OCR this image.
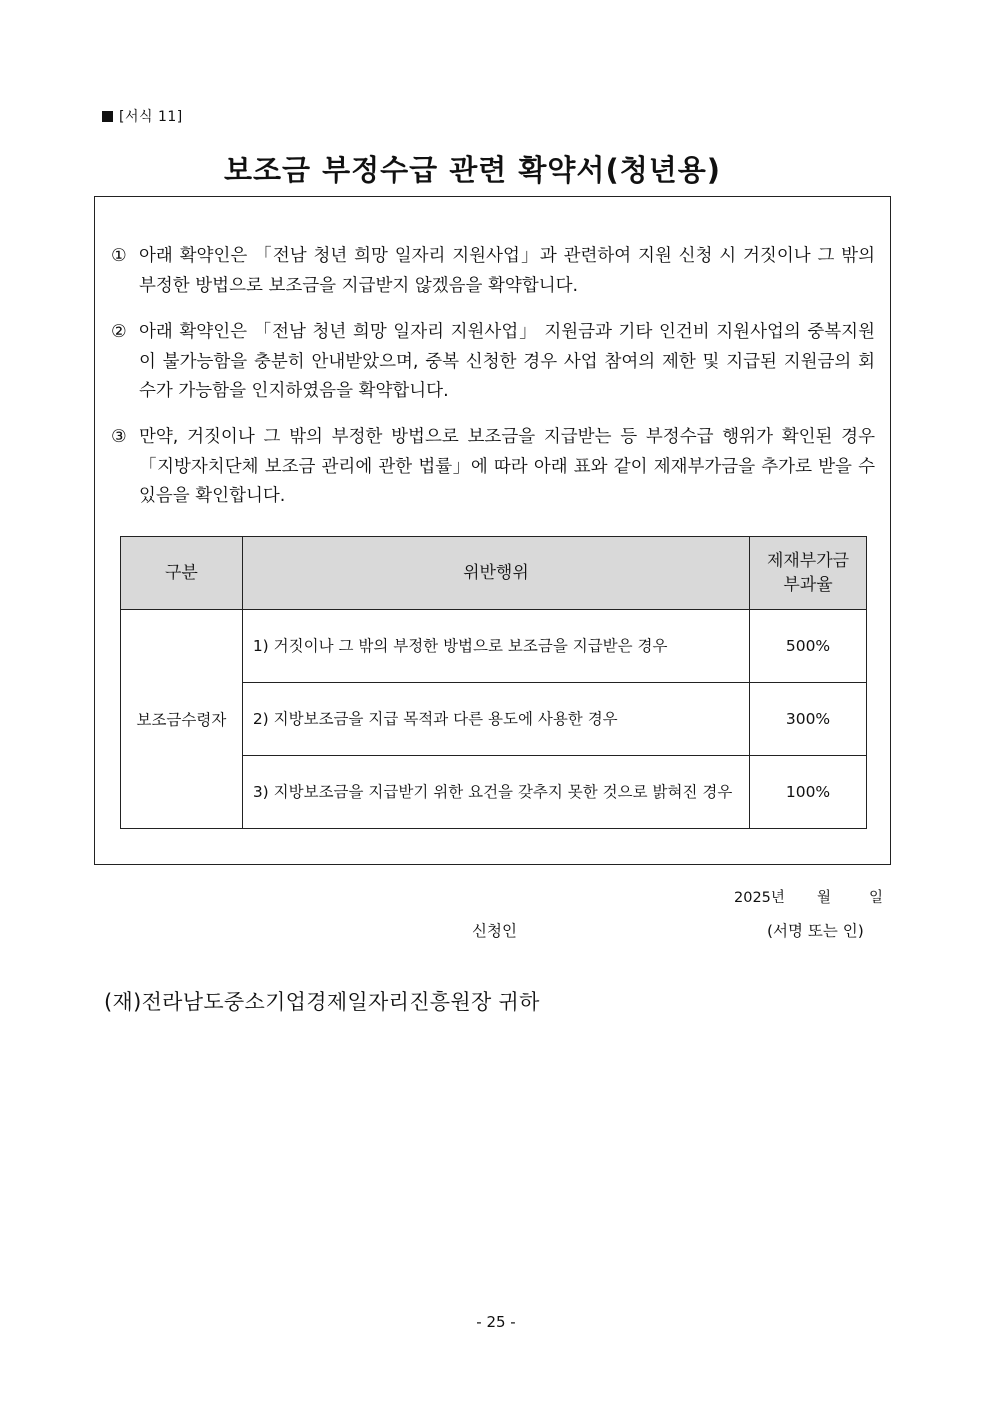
[서식 11]
보조금 부정수급 관련 확약서(청년용)
① 아래 확약인은 「전남 청년 희망 일자리 지원사업」과 관련하여 지원 신청 시 거짓이나 그 밖의 부정한 방법으로 보조금을 지급받지 않겠음을 확약합니다.
② 아래 확약인은 「전남 청년 희망 일자리 지원사업」 지원금과 기타 인건비 지원사업의 중복지원이 불가능함을 충분히 안내받았으며, 중복 신청한 경우 사업 참여의 제한 및 지급된 지원금의 회수가 가능함을 인지하였음을 확약합니다.
③ 만약, 거짓이나 그 밖의 부정한 방법으로 보조금을 지급받는 등 부정수급 행위가 확인된 경우 「지방자치단체 보조금 관리에 관한 법률」에 따라 아래 표와 같이 제재부가금을 추가로 받을 수 있음을 확인합니다.
구분	위반행위	제재부가금 부과율
보조금수령자	1) 거짓이나 그 밖의 부정한 방법으로 보조금을 지급받은 경우	500%

	2) 지방보조금을 지급 목적과 다른 용도에 사용한 경우	300%

	3) 지방보조금을 지급받기 위한 요건을 갖추지 못한 것으로 밝혀진 경우	100%
2025년 월	일
신청인	(서명 또는 인)
(재)전라남도중소기업경제일자리진흥원장 귀하
- 25 -
